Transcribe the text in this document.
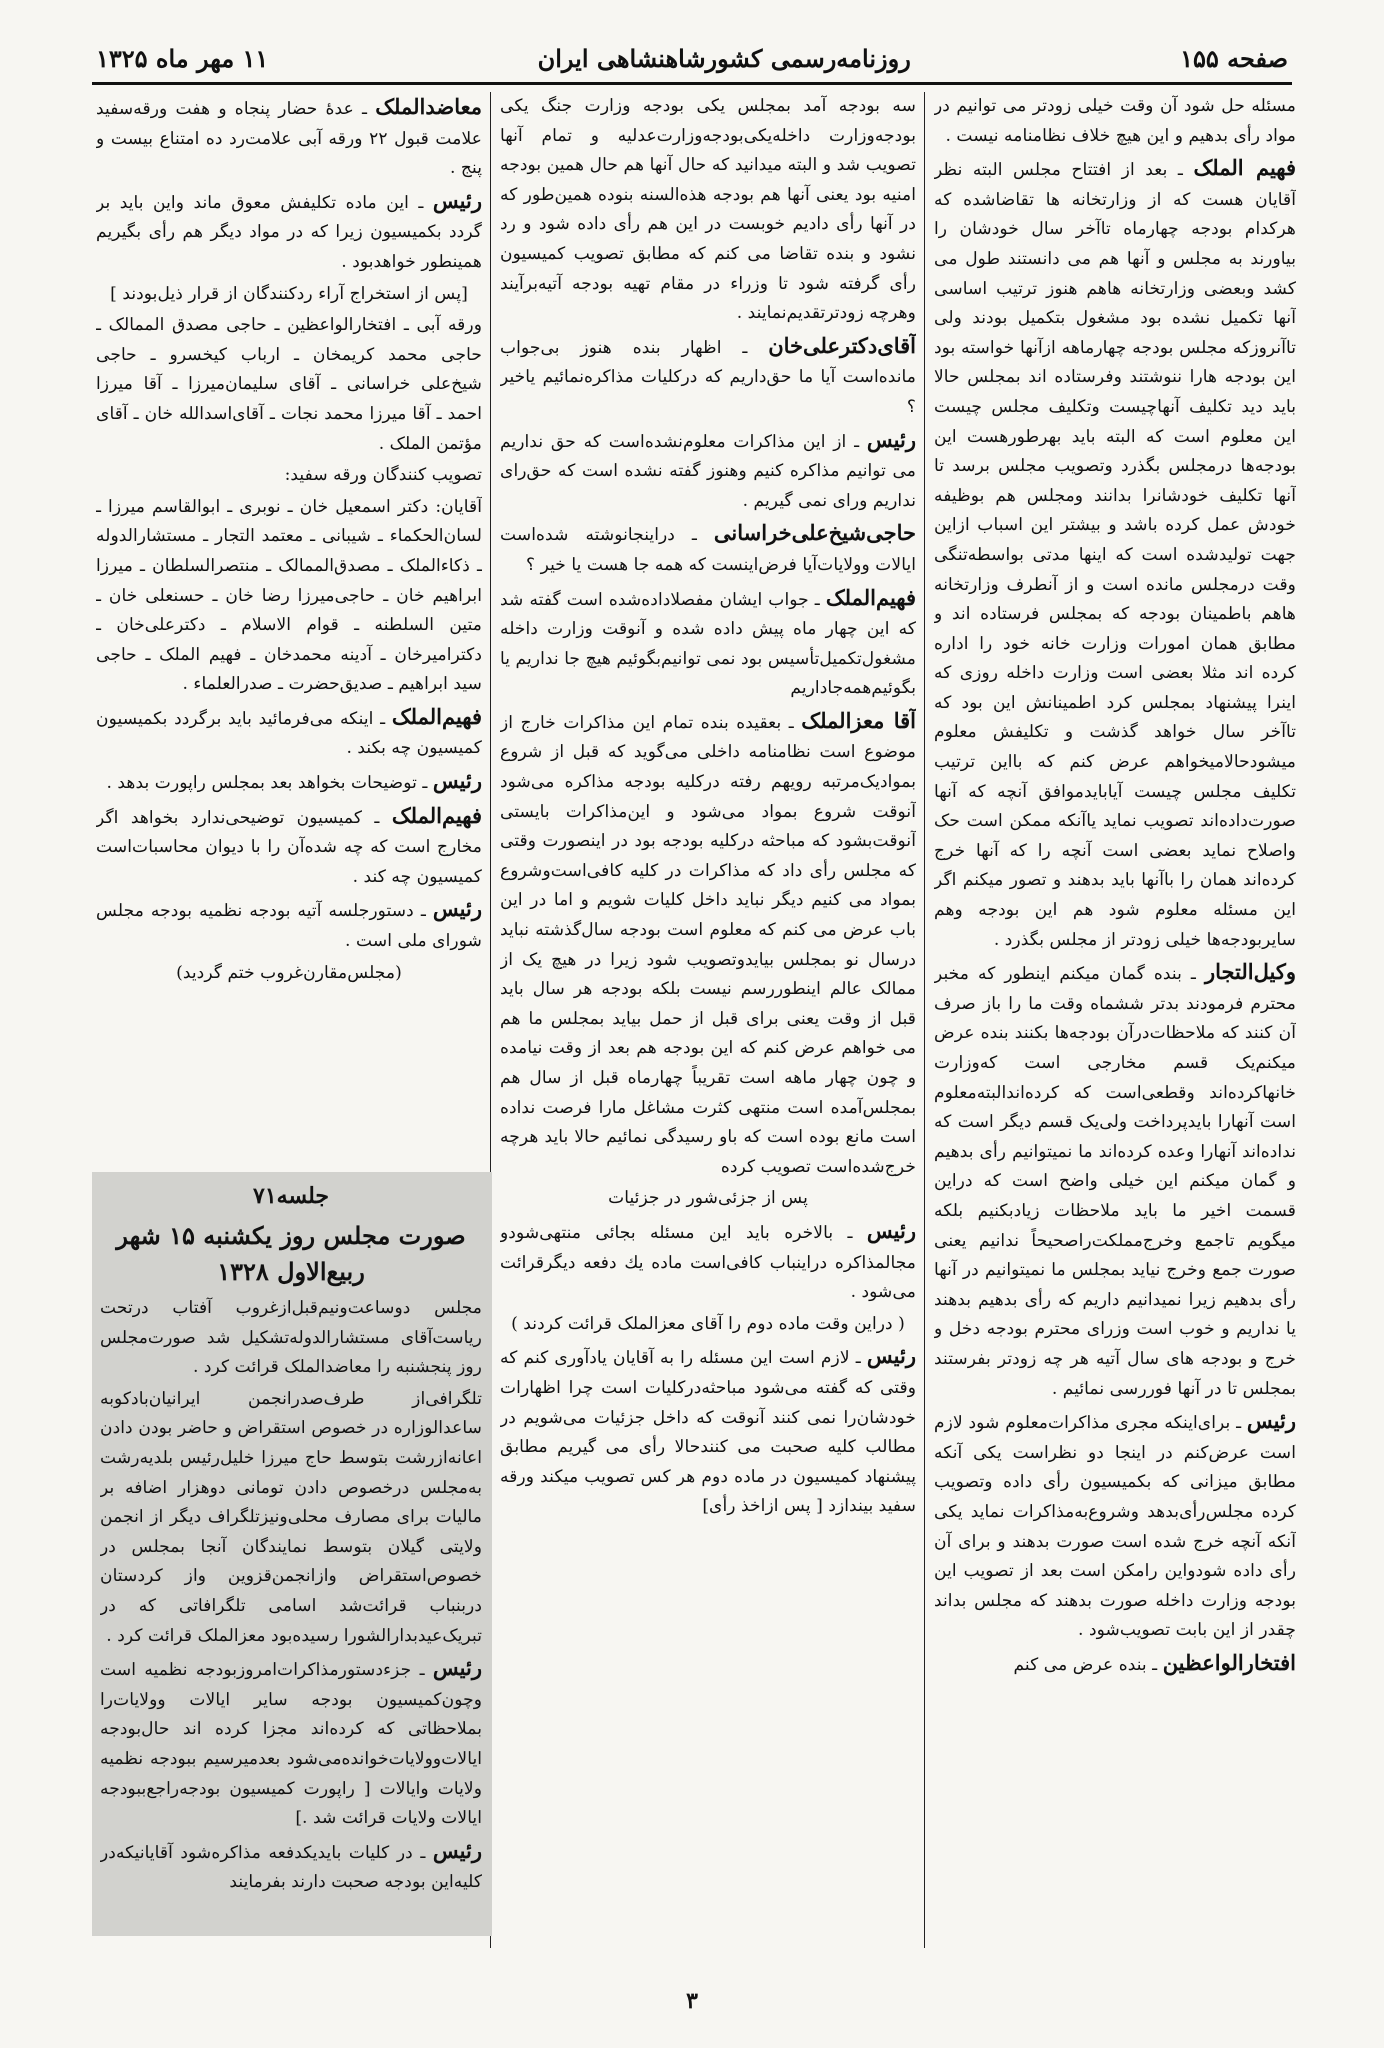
صفحه ۱۵۵
روزنامه‌رسمی کشورشاهنشاهی ایران
۱۱ مهر ماه ۱۳۲۵

مسئله حل شود آن وقت خیلی زودتر می توانیم در مواد رأی بدهیم و این هیچ خلاف نظامنامه نیست .

فهیم الملک ـ بعد از افتتاح مجلس البته نظر آقایان هست که از وزارتخانه ها تقاضاشده که هرکدام بودجه چهارماه تاآخر سال خودشان را بیاورند به مجلس و آنها هم می دانستند طول می کشد وبعضی وزارتخانه هاهم هنوز ترتیب اساسی آنها تکمیل نشده بود مشغول بتکمیل بودند ولی تاآنروزکه مجلس بودجه چهارماهه ازآنها خواسته بود این بودجه هارا ننوشتند وفرستاده اند بمجلس حالا باید دید تکلیف آنهاچیست وتکلیف مجلس چیست این معلوم است که البته باید بهرطورهست این بودجه‌ها درمجلس بگذرد وتصویب مجلس برسد تا آنها تکلیف خودشانرا بدانند ومجلس هم بوظیفه خودش عمل کرده باشد و بیشتر این اسباب ازاین جهت تولیدشده است که اینها مدتی بواسطه‌تنگی وقت درمجلس مانده است و از آنطرف وزارتخانه هاهم باطمینان بودجه که بمجلس فرستاده اند و مطابق همان امورات وزارت خانه خود را اداره کرده اند مثلا بعضی است وزارت داخله روزی که اینرا پیشنهاد بمجلس کرد اطمینانش این بود که تاآخر سال خواهد گذشت و تکلیفش معلوم میشودحالامیخواهم عرض کنم که بااین ترتیب تکلیف مجلس چیست آیاباید‌موافق آنچه که آنها صورت‌داده‌اند تصویب نماید یاآنکه ممکن است حک واصلاح نماید بعضی است آنچه را که آنها خرج کرده‌اند همان را باآنها باید بدهند و تصور میکنم اگر این مسئله معلوم شود هم این بودجه وهم سایربودجه‌ها خیلی زودتر از مجلس بگذرد .

وکیل‌التجار ـ بنده گمان میکنم اینطور که مخبر محترم فرمودند بدتر ششماه وقت ما را باز صرف آن کنند که ملاحظات‌درآن بودجه‌ها بکنند بنده عرض میکنم‌یک قسم مخارجی است که‌وزارت خانهاکرده‌اند وقطعی‌است که کرده‌اند‌البته‌معلوم است آنهارا بایدپرداخت ولی‌یک قسم دیگر است که نداده‌اند آنهارا وعده کرده‌اند ما نمیتوانیم رأی بدهیم و گمان میکنم این خیلی واضح است که دراین قسمت اخیر ما باید ملاحظات زیادبکنیم بلکه میگویم تاجمع وخرج‌مملکت‌راصحیحاً ندانیم یعنی صورت جمع وخرج نیاید بمجلس ما نمیتوانیم در آنها رأی بدهیم زیرا نمیدانیم داریم که رأی بدهیم بدهند یا نداریم و خوب است وزرای محترم بودجه دخل و خرج و بودجه های سال آتیه هر چه زودتر بفرستند بمجلس تا در آنها فوررسی نمائیم .

رئیس ـ برای‌اینکه مجری مذاکرات‌معلوم شود لازم است عرض‌کنم در اینجا دو نظراست یکی آنکه مطابق میزانی که بکمیسیون رأی داده وتصویب کرده مجلس‌رأی‌بدهد وشروع‌به‌مذاکرات نماید یکی آنکه آنچه خرج شده است صورت بدهند و برای آن رأی داده شود‌واین رامکن است بعد از تصویب این بودجه وزارت داخله صورت بدهند که مجلس بداند چقدر از این بابت تصویب‌شود .

افتخارالواعظین ـ بنده عرض می کنم

سه بودجه آمد بمجلس یکی بودجه وزارت جنگ یکی بودجه‌وزارت داخله‌یکی‌بودجه‌وزارت‌عدلیه و تمام آنها تصویب شد و البته میدانید که حال آنها هم حال همین بودجه امنیه بود یعنی آنها هم بودجه هذه‌السنه بنوده همین‌طور که در آنها رأی دادیم خوبست در این هم رأی داده شود و رد نشود و بنده تقاضا می کنم که مطابق تصویب کمیسیون رأی گرفته شود تا وزراء در مقام تهیه بودجه آتیه‌برآیند وهرچه زودتر‌تقدیم‌نمایند .

آقای‌دکترعلی‌خان ـ اظهار بنده هنوز بی‌جواب مانده‌است آیا ما حق‌داریم که درکلیات مذاکره‌نمائیم یاخیر ؟

رئیس ـ از این مذاکرات معلوم‌نشده‌است که حق نداریم می توانیم مذاکره کنیم وهنوز گفته نشده است که حق‌رای نداریم ورای نمی گیریم .

حاجی‌شیخ‌علی‌خراسانی ـ دراینجانوشته شده‌است ایالات وولایات‌آیا فرض‌اینست که همه جا هست یا خیر ؟

فهیم‌الملک ـ جواب ایشان مفصلاداده‌شده است گفته شد که این چهار ماه پیش داده شده و آنوقت وزارت داخله مشغول‌تکمیل‌تأسیس بود نمی توانیم‌بگوئیم هیچ جا نداریم یا بگوئیم‌همه‌جاداریم

آقا معزالملک ـ بعقیده بنده تمام این مذاکرات خارج از موضوع است نظامنامه داخلی می‌گوید که قبل از شروع بمواد‌یک‌مرتبه رویهم رفته درکلیه بودجه مذاکره می‌شود آنوقت شروع بمواد می‌شود و این‌مذاکرات بایستی آنوقت‌بشود که مباحثه درکلیه بودجه بود در اینصورت وقتی که مجلس رأی داد که مذاکرات در کلیه کافی‌است‌وشروع بمواد می کنیم دیگر نباید داخل کلیات شویم و اما در این باب عرض می کنم که معلوم است بودجه سال‌گذشته نباید درسال نو بمجلس بیاید‌وتصویب شود زیرا در هیچ یک از ممالک عالم اینطوررسم نیست بلکه بودجه هر سال باید قبل از وقت یعنی برای قبل از حمل بیاید بمجلس ما هم می خواهم عرض کنم که این بودجه هم بعد از وقت نیامده و چون چهار ماهه است تقریباً چهارماه قبل از سال هم بمجلس‌آمده است منتهی کثرت مشاغل مارا فرصت نداده است مانع بوده است که باو رسیدگی نمائیم حالا باید هرچه خرج‌شده‌است تصویب کرده

پس از جزئی‌شور در جزئیات

رئیس ـ بالاخره باید این مسئله بجائی منتهی‌شودو مجالمذاکره دراینباب کافی‌است ماده یك دفعه دیگرقرائت می‌شود .

( دراین وقت ماده دوم را آقای معزالملک قرائت کردند )

رئیس ـ لازم است این مسئله را به آقایان یادآوری کنم که وقتی که گفته می‌شود مباحثه‌درکلیات است چرا اظهارات خودشان‌را نمی کنند آنوقت که داخل جزئیات می‌شویم در مطالب کلیه صحبت می کنندحالا رأی می گیریم مطابق پیشنهاد کمیسیون در ماده دوم هر کس تصویب میکند ورقه سفید بیندازد [ پس ازاخذ رأی]

معاضدالملک ـ عدهٔ حضار پنجاه و هفت ورقه‌سفید علامت قبول ۲۲ ورقه آبی علامت‌رد ده امتناع بیست و پنج .

رئیس ـ این ماده تکلیفش معوق ماند واین باید بر گردد بکمیسیون زیرا که در مواد دیگر هم رأی بگیریم همینطور خواهدبود .

[پس از استخراج آراء ردکنندگان از قرار ذیل‌بودند ]

ورقه آبی ـ افتخارالواعظین ـ حاجی مصدق الممالک ـ حاجی محمد کریمخان ـ ارباب کیخسرو ـ حاجی شیخ‌علی خراسانی ـ آقای سلیمان‌میرزا ـ آقا میرزا احمد ـ آقا میرزا محمد نجات ـ آقای‌اسدالله خان ـ آقای مؤتمن الملک .

تصویب کنندگان ورقه سفید:

آقایان: دکتر اسمعیل خان ـ نوبری ـ ابوالقاسم میرزا ـ لسان‌الحکماء ـ شیبانی ـ معتمد التجار ـ مستشارالدوله ـ ذکاءالملک ـ مصدق‌الممالک ـ منتصرالسلطان ـ میرزا ابراهیم خان ـ حاجی‌میرزا رضا خان ـ حسنعلی خان ـ متین السلطنه ـ قوام الاسلام ـ دکترعلی‌خان ـ دکترامیرخان ـ آدینه محمدخان ـ فهیم الملک ـ حاجی سید ابراهیم ـ صدیق‌حضرت ـ صدرالعلماء .

فهیم‌الملک ـ اینکه می‌فرمائید باید برگردد بکمیسیون کمیسیون چه بکند .

رئیس ـ توضیحات بخواهد بعد بمجلس راپورت بدهد .

فهیم‌الملک ـ کمیسیون توضیحی‌ندارد بخواهد اگر مخارج است که چه شده‌آن را با دیوان محاسبات‌است کمیسیون چه کند .

رئیس ـ دستورجلسه آتیه بودجه نظمیه بودجه مجلس شورای ملی است .

(مجلس‌مقارن‌غروب ختم گردید)

جلسه۷۱
صورت مجلس روز یکشنبه ۱۵ شهر ربیع‌الاول ۱۳۲۸

مجلس دوساعت‌ونیم‌قبل‌ازغروب آفتاب درتحت ریاست‌آقای مستشارالدوله‌تشکیل شد صورت‌مجلس روز پنجشنبه را معاضدالملک قرائت کرد .

تلگرافی‌از طرف‌صدرانجمن ایرانیان‌بادکوبه ساعد‌الوزاره در خصوص استقراض و حاضر بودن دادن اعانه‌ازرشت بتوسط حاج میرزا خلیل‌رئیس بلدیه‌رشت به‌مجلس درخصوص دادن تومانی دوهزار اضافه بر مالیات برای مصارف محلی‌ونیز‌تلگراف دیگر از انجمن ولایتی گیلان بتوسط نمایندگان آنجا بمجلس در خصوص‌استقراض وازانجمن‌قزوین واز کردستان دربنباب قرائت‌شد اسامی تلگرافاتی که در تبریک‌عیدبدارالشورا رسیده‌بود معزالملک قرائت کرد .

رئیس ـ جزءدستورمذاکرات‌امروزبودجه نظمیه است وچون‌کمیسیون بودجه سایر ایالات وولایات‌را بملاحظاتی که کرده‌اند مجزا کرده اند حال‌بودجه ایالات‌وولایات‌خوانده‌می‌شود بعدمیرسیم ببودجه نظمیه ولایات وایالات [ راپورت کمیسیون بودجه‌راجع‌ببودجه ایالات ولایات قرائت شد .]

رئیس ـ در کلیات بایدیکدفعه مذاکره‌شود آقایانیکه‌در کلیه‌این بودجه صحبت دارند بفرمایند

۳
